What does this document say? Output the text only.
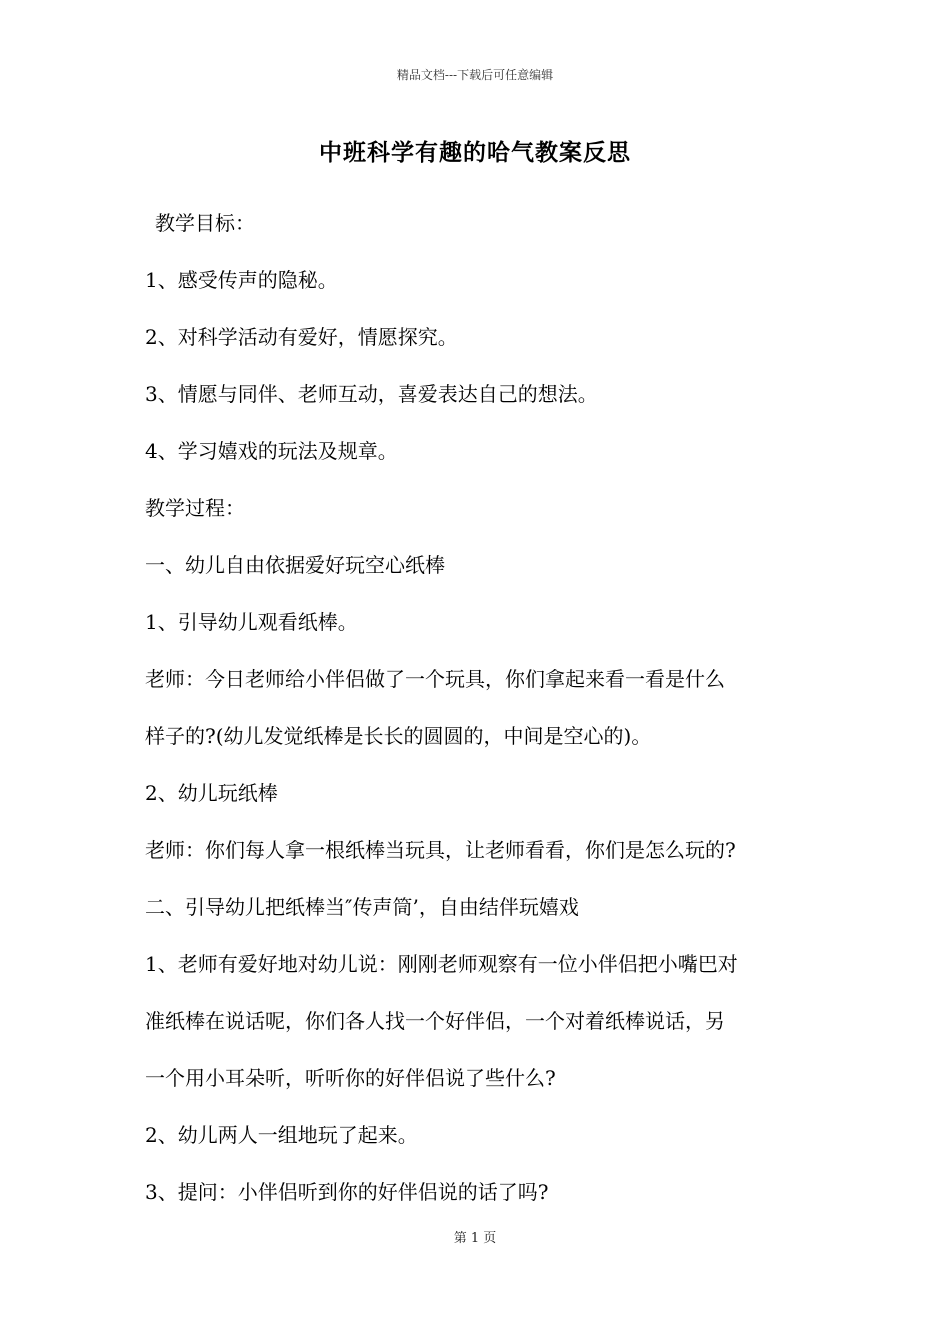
精品文档---下载后可任意编辑
中班科学有趣的哈气教案反思
教学目标：
1、感受传声的隐秘。
2、对科学活动有爱好，情愿探究。
3、情愿与同伴、老师互动，喜爱表达自己的想法。
4、学习嬉戏的玩法及规章。
教学过程：
一、幼儿自由依据爱好玩空心纸棒
1、引导幼儿观看纸棒。
老师：今日老师给小伴侣做了一个玩具，你们拿起来看一看是什么
样子的?(幼儿发觉纸棒是长长的圆圆的，中间是空心的)。
2、幼儿玩纸棒
老师：你们每人拿一根纸棒当玩具，让老师看看，你们是怎么玩的?
二、引导幼儿把纸棒当″传声筒’，自由结伴玩嬉戏
1、老师有爱好地对幼儿说：刚刚老师观察有一位小伴侣把小嘴巴对
准纸棒在说话呢，你们各人找一个好伴侣，一个对着纸棒说话，另
一个用小耳朵听，听听你的好伴侣说了些什么?
2、幼儿两人一组地玩了起来。
3、提问：小伴侣听到你的好伴侣说的话了吗?
第 1 页
